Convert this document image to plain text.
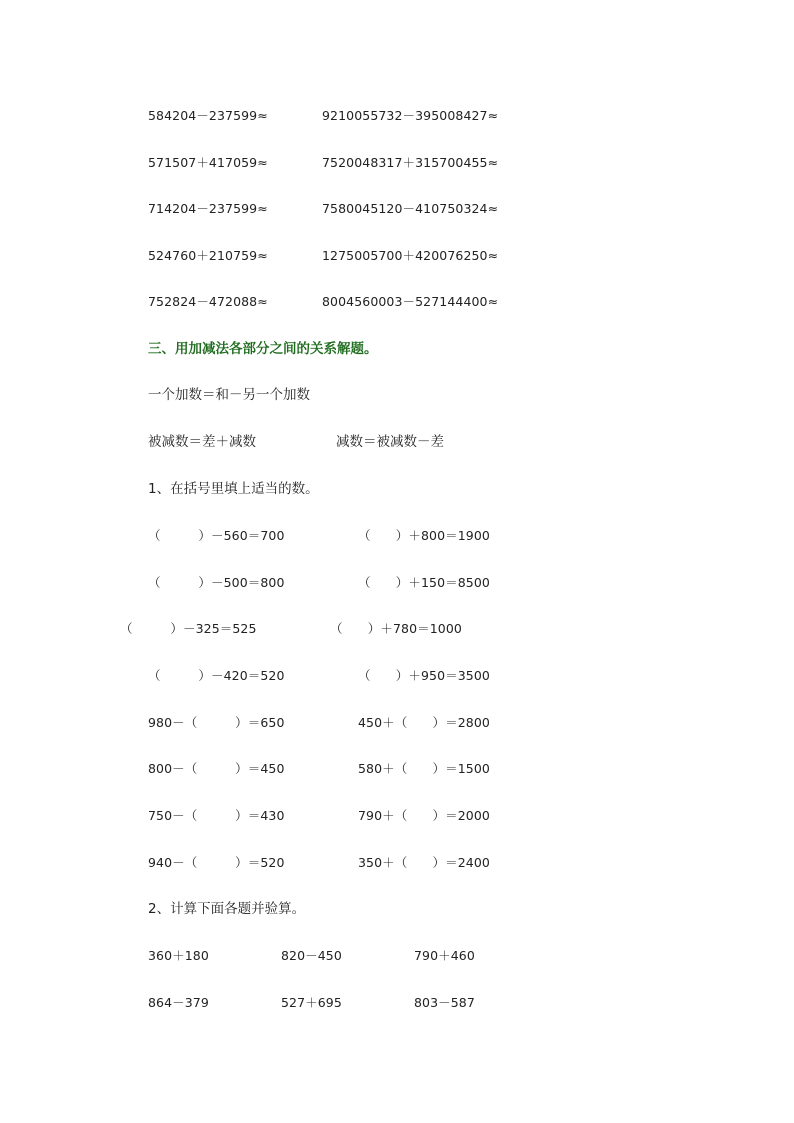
584204－237599≈	9210055732－395008427≈
571507＋417059≈	7520048317＋315700455≈
714204－237599≈	7580045120－410750324≈
524760＋210759≈	1275005700＋420076250≈
752824－472088≈	8004560003－527144400≈
三、用加减法各部分之间的关系解题。
一个加数＝和－另一个加数
被减数＝差＋减数	减数＝被减数－差
1、在括号里填上适当的数。
（　　　）－560＝700	（　　）＋800＝1900
（　　　）－500＝800	（　　）＋150＝8500
（　　　）－325＝525	（　　）＋780＝1000
（　　　）－420＝520	（　　）＋950＝3500
980－（　　　）＝650	450＋（　　）＝2800
800－（　　　）＝450	580＋（　　）＝1500
750－（　　　）＝430	790＋（　　）＝2000
940－（　　　）＝520	350＋（　　）＝2400
2、计算下面各题并验算。
360＋180	820－450	790＋460
864－379	527＋695	803－587
